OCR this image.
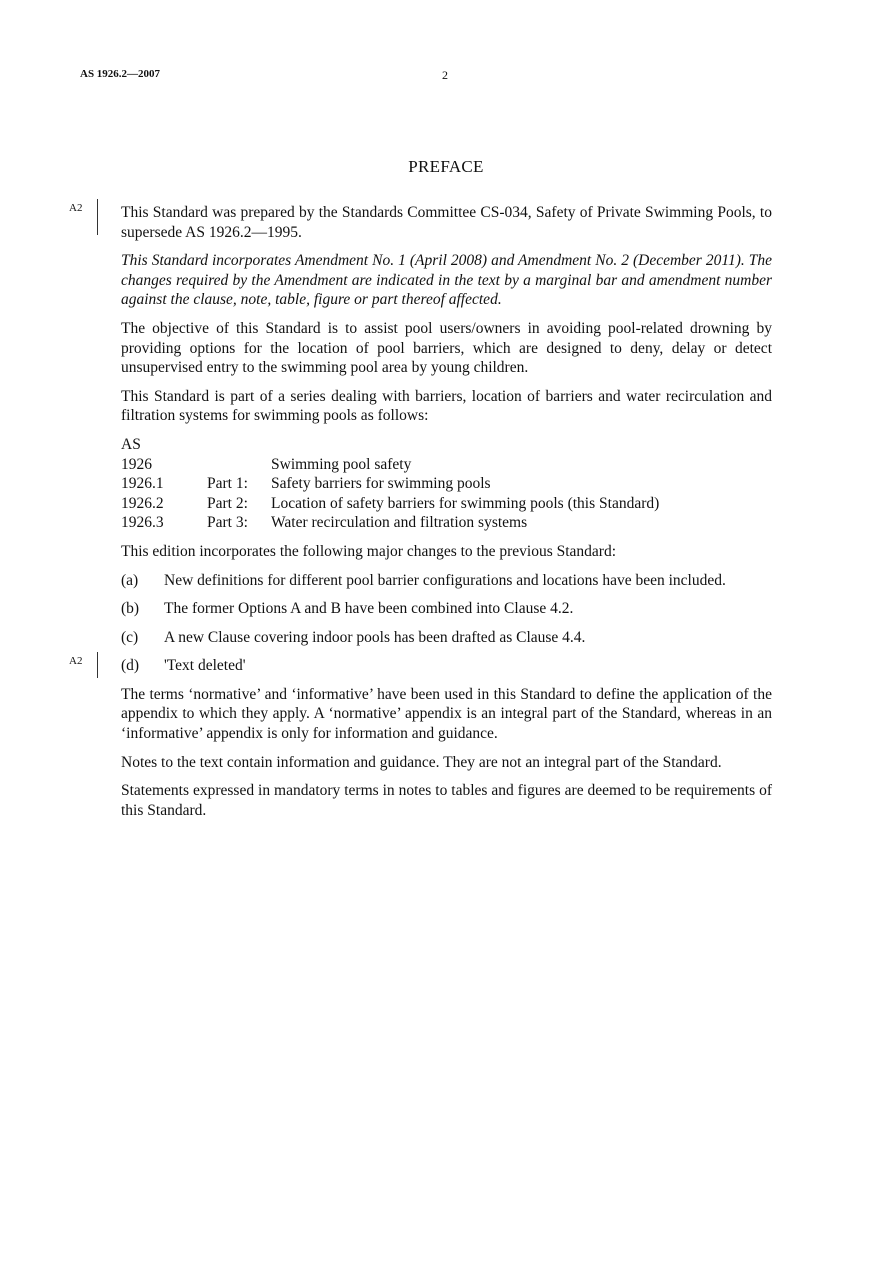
AS 1926.2—2007	2
PREFACE

A2 This Standard was prepared by the Standards Committee CS-034, Safety of Private Swimming Pools, to supersede AS 1926.2—1995.

This Standard incorporates Amendment No. 1 (April 2008) and Amendment No. 2 (December 2011). The changes required by the Amendment are indicated in the text by a marginal bar and amendment number against the clause, note, table, figure or part thereof affected.

The objective of this Standard is to assist pool users/owners in avoiding pool-related drowning by providing options for the location of pool barriers, which are designed to deny, delay or detect unsupervised entry to the swimming pool area by young children.

This Standard is part of a series dealing with barriers, location of barriers and water recirculation and filtration systems for swimming pools as follows:

AS
1926	Swimming pool safety
1926.1	Part 1:	Safety barriers for swimming pools
1926.2	Part 2:	Location of safety barriers for swimming pools (this Standard)
1926.3	Part 3:	Water recirculation and filtration systems

This edition incorporates the following major changes to the previous Standard:

(a)	New definitions for different pool barrier configurations and locations have been included.
(b)	The former Options A and B have been combined into Clause 4.2.
(c)	A new Clause covering indoor pools has been drafted as Clause 4.4.
A2 (d)	'Text deleted'

The terms ‘normative’ and ‘informative’ have been used in this Standard to define the application of the appendix to which they apply. A ‘normative’ appendix is an integral part of the Standard, whereas in an ‘informative’ appendix is only for information and guidance.

Notes to the text contain information and guidance. They are not an integral part of the Standard.

Statements expressed in mandatory terms in notes to tables and figures are deemed to be requirements of this Standard.
